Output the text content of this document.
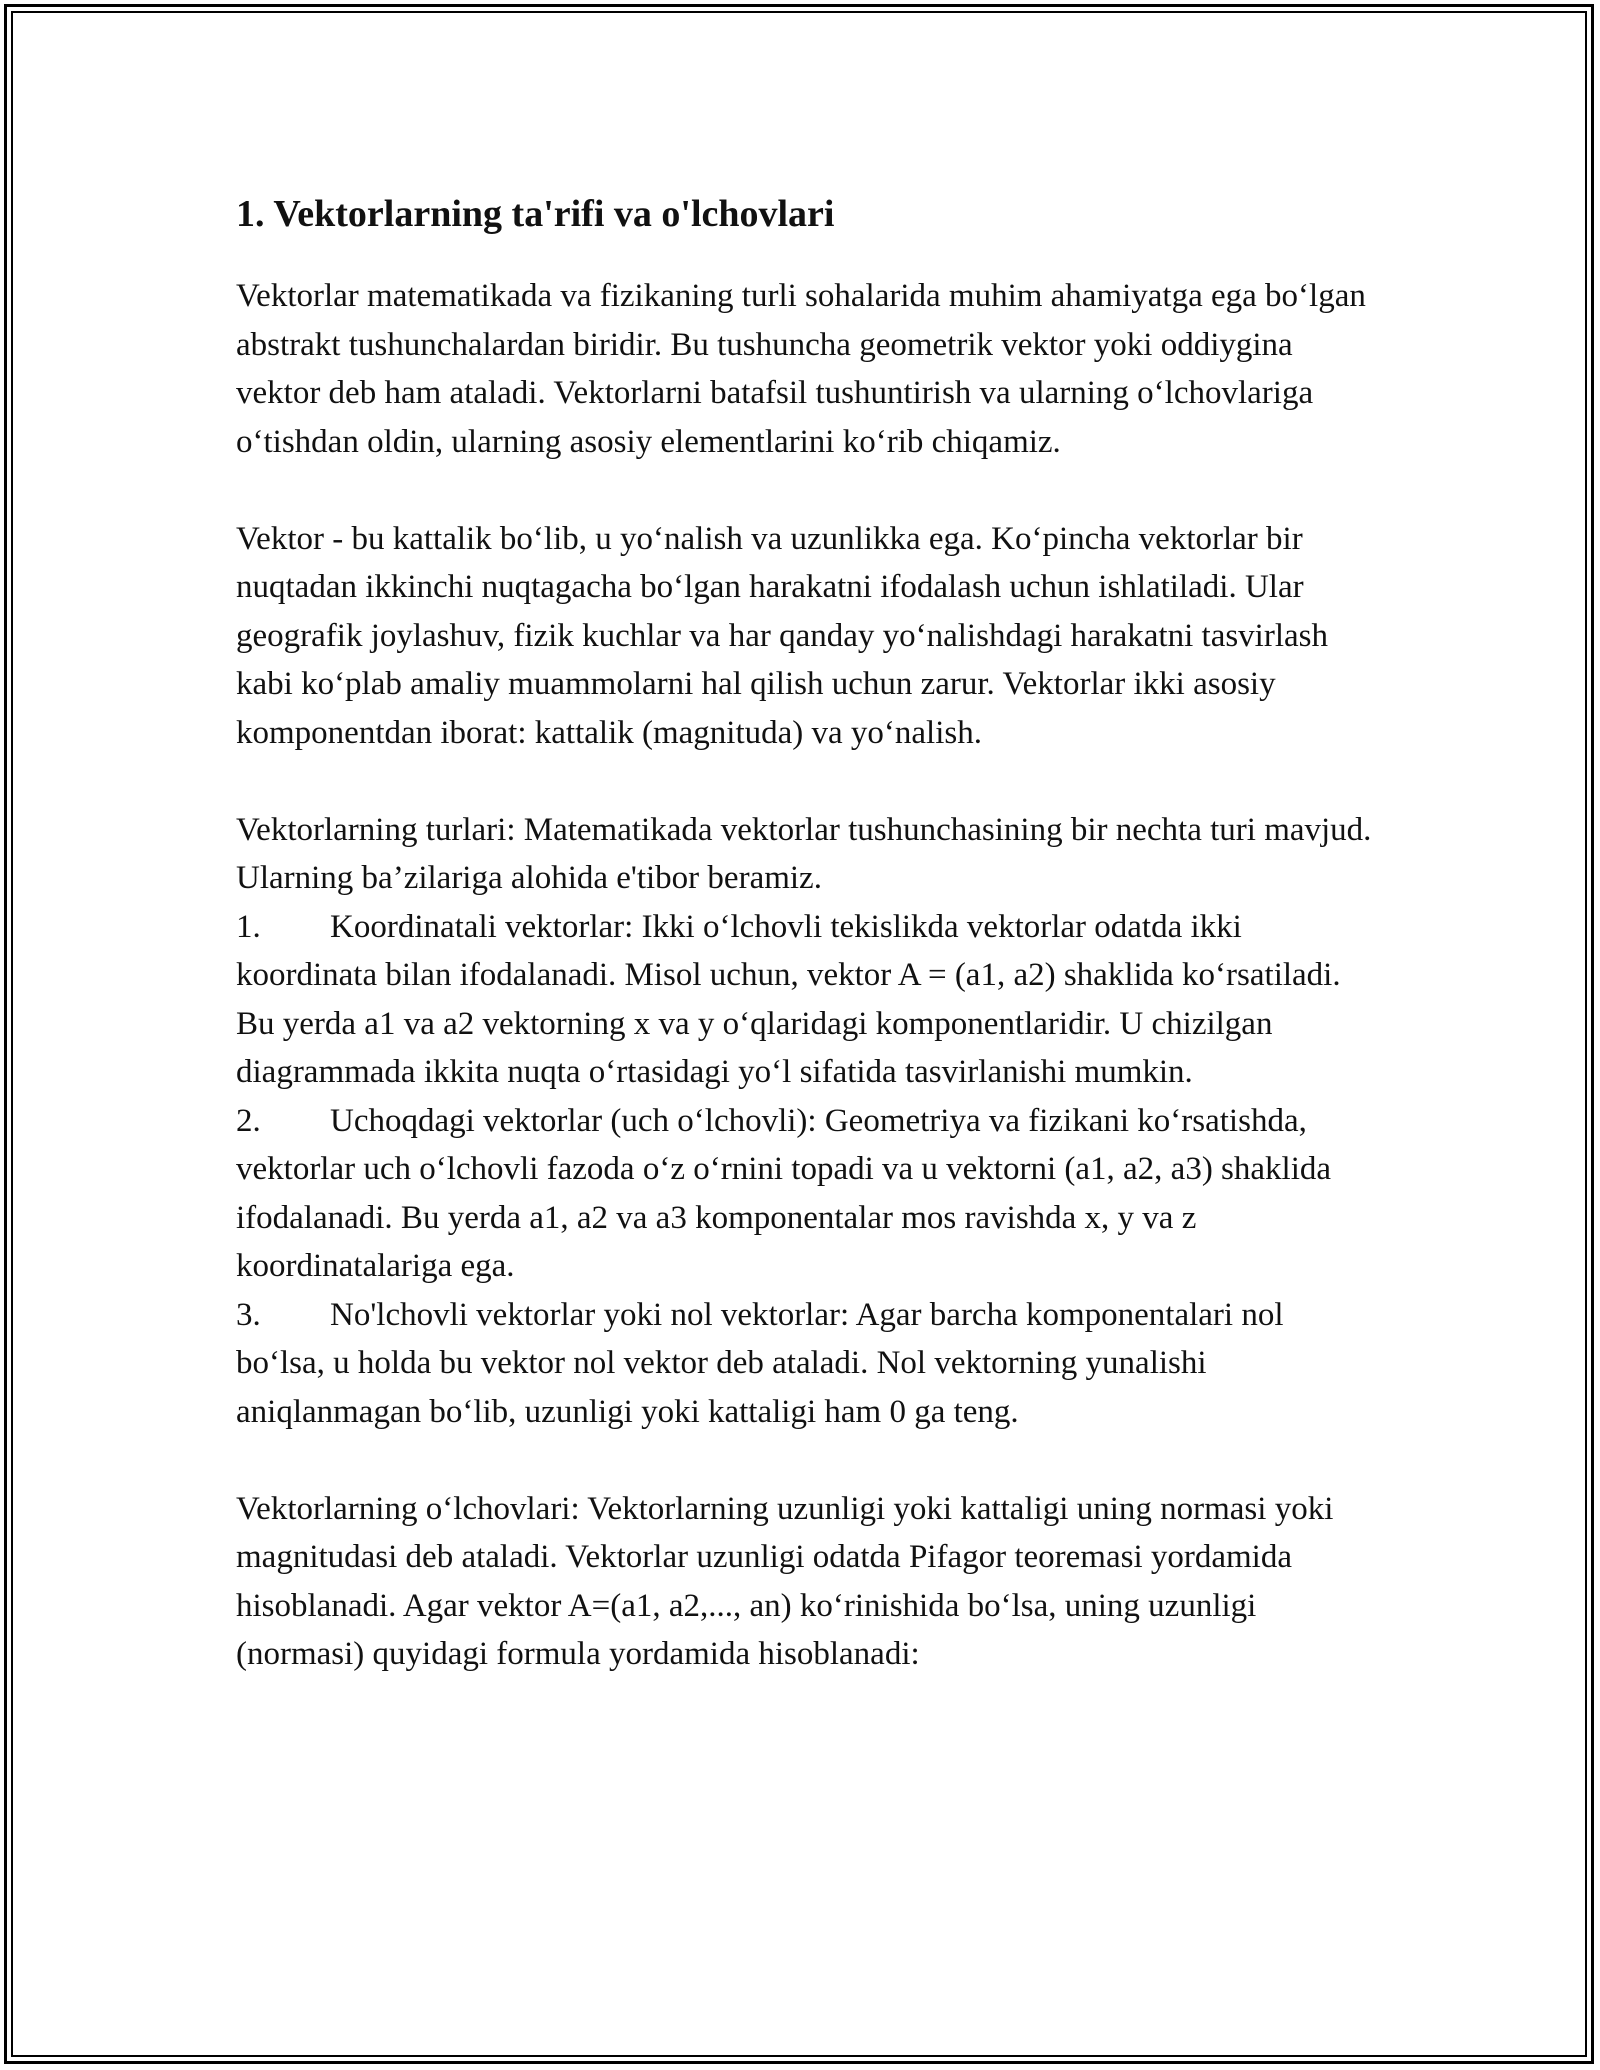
1. Vektorlarning ta'rifi va o'lchovlari

Vektorlar matematikada va fizikaning turli sohalarida muhim ahamiyatga ega bo‘lgan abstrakt tushunchalardan biridir. Bu tushuncha geometrik vektor yoki oddiygina vektor deb ham ataladi. Vektorlarni batafsil tushuntirish va ularning o‘lchovlariga o‘tishdan oldin, ularning asosiy elementlarini ko‘rib chiqamiz.

Vektor - bu kattalik bo‘lib, u yo‘nalish va uzunlikka ega. Ko‘pincha vektorlar bir nuqtadan ikkinchi nuqtagacha bo‘lgan harakatni ifodalash uchun ishlatiladi. Ular geografik joylashuv, fizik kuchlar va har qanday yo‘nalishdagi harakatni tasvirlash kabi ko‘plab amaliy muammolarni hal qilish uchun zarur. Vektorlar ikki asosiy komponentdan iborat: kattalik (magnituda) va yo‘nalish.

Vektorlarning turlari: Matematikada vektorlar tushunchasining bir nechta turi mavjud. Ularning ba’zilariga alohida e'tibor beramiz.

1. Koordinatali vektorlar: Ikki o‘lchovli tekislikda vektorlar odatda ikki koordinata bilan ifodalanadi. Misol uchun, vektor A = (a1, a2) shaklida ko‘rsatiladi. Bu yerda a1 va a2 vektorning x va y o‘qlaridagi komponentlaridir. U chizilgan diagrammada ikkita nuqta o‘rtasidagi yo‘l sifatida tasvirlanishi mumkin.

2. Uchoqdagi vektorlar (uch o‘lchovli): Geometriya va fizikani ko‘rsatishda, vektorlar uch o‘lchovli fazoda o‘z o‘rnini topadi va u vektorni (a1, a2, a3) shaklida ifodalanadi. Bu yerda a1, a2 va a3 komponentalar mos ravishda x, y va z koordinatalariga ega.

3. No'lchovli vektorlar yoki nol vektorlar: Agar barcha komponentalari nol bo‘lsa, u holda bu vektor nol vektor deb ataladi. Nol vektorning yunalishi aniqlanmagan bo‘lib, uzunligi yoki kattaligi ham 0 ga teng.

Vektorlarning o‘lchovlari: Vektorlarning uzunligi yoki kattaligi uning normasi yoki magnitudasi deb ataladi. Vektorlar uzunligi odatda Pifagor teoremasi yordamida hisoblanadi. Agar vektor A=(a1, a2,..., an) ko‘rinishida bo‘lsa, uning uzunligi (normasi) quyidagi formula yordamida hisoblanadi:
